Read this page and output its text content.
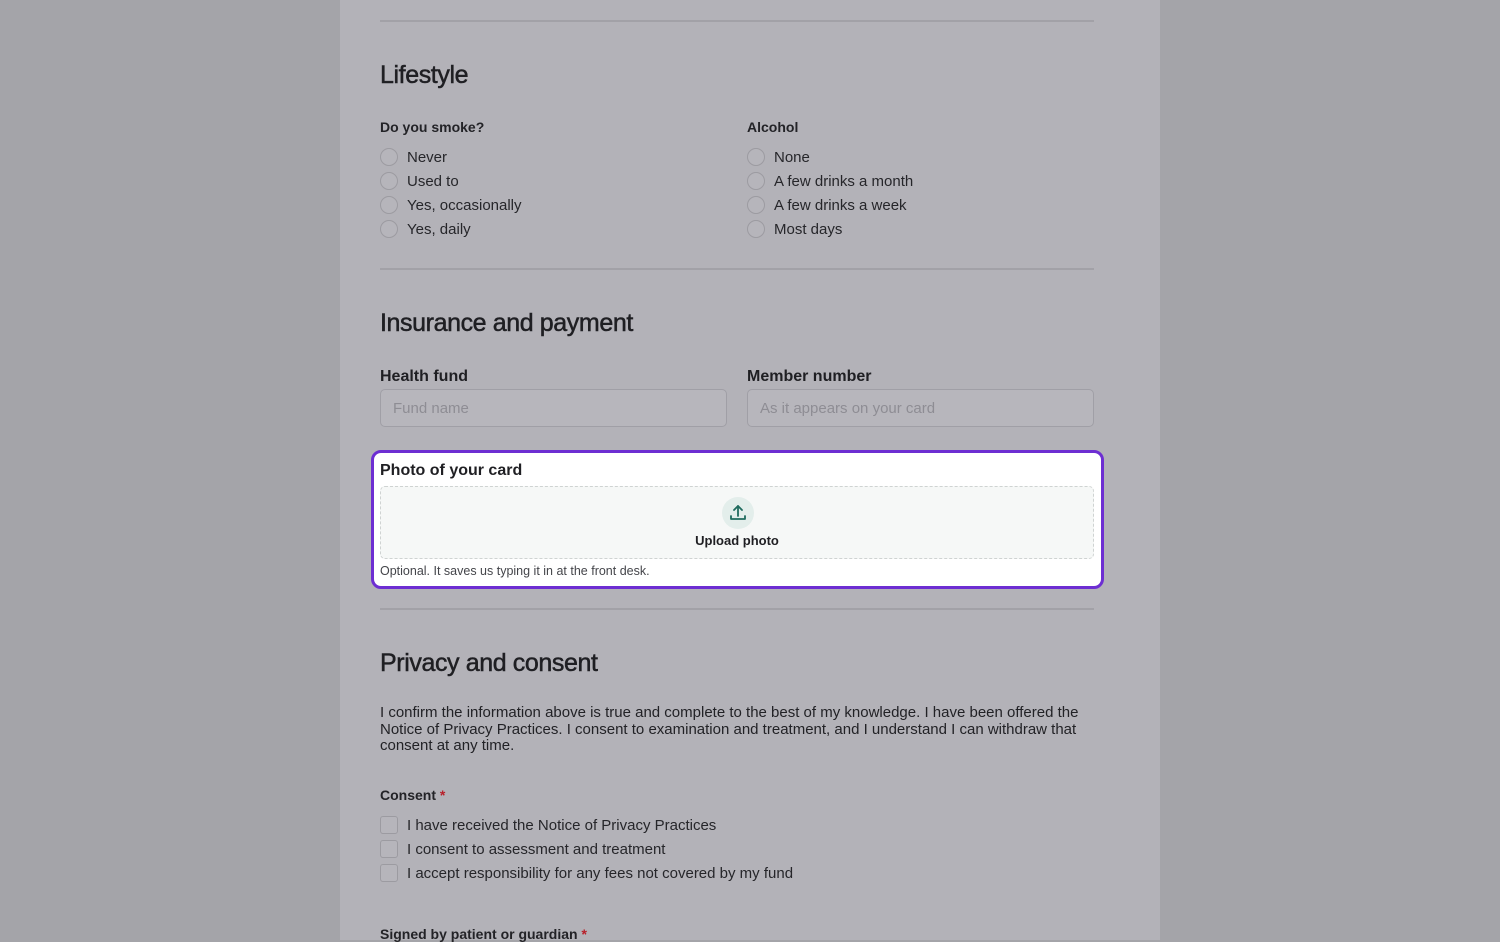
Lifestyle
Do you smoke?
Never
Used to
Yes, occasionally
Yes, daily
Alcohol
None
A few drinks a month
A few drinks a week
Most days
Insurance and payment
Health fund
Fund name	Member number
As it appears on your card
Photo of your card
Upload photo
Optional. It saves us typing it in at the front desk.
Privacy and consent

I confirm the information above is true and complete to the best of my knowledge. I have been offered the Notice of Privacy Practices. I consent to examination and treatment, and I understand I can withdraw that consent at any time.

Consent *
I have received the Notice of Privacy Practices
I consent to assessment and treatment
I accept responsibility for any fees not covered by my fund
Signed by patient or guardian *
